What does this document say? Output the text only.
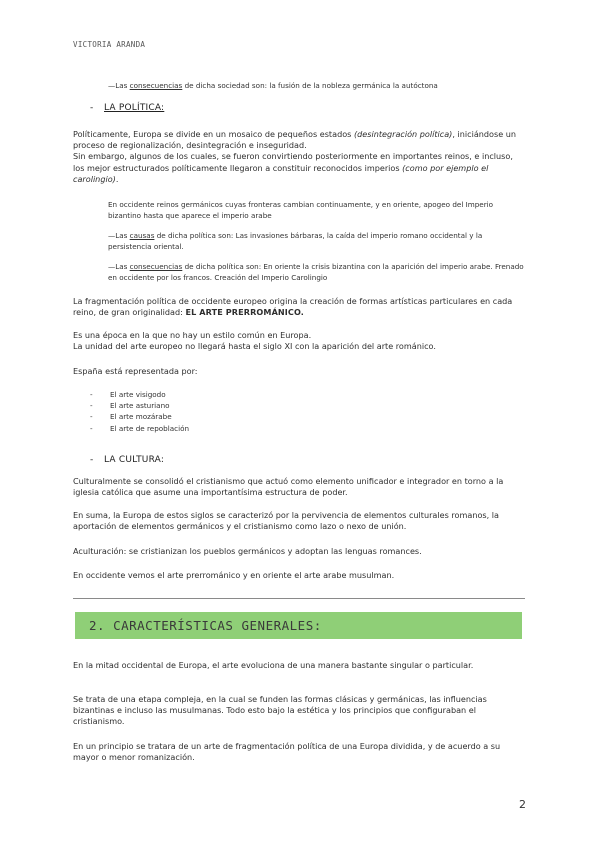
VICTORIA ARANDA
—Las consecuencias de dicha sociedad son: la fusión de la nobleza germánica la autóctona
- LA POLÍTICA:

Políticamente, Europa se divide en un mosaico de pequeños estados (desintegración política), iniciándose un proceso de regionalización, desintegración e inseguridad.

Sin embargo, algunos de los cuales, se fueron convirtiendo posteriormente en importantes reinos, e incluso, los mejor estructurados políticamente llegaron a constituir reconocidos imperios (como por ejemplo el carolingio).

En occidente reinos germánicos cuyas fronteras cambian continuamente, y en oriente, apogeo del Imperio bizantino hasta que aparece el imperio arabe
—Las causas de dicha política son: Las invasiones bárbaras, la caída del imperio romano occidental y la persistencia oriental.
—Las consecuencias de dicha política son: En oriente la crisis bizantina con la aparición del imperio arabe. Frenado en occidente por los francos. Creación del Imperio Carolingio

La fragmentación política de occidente europeo origina la creación de formas artísticas particulares en cada reino, de gran originalidad: EL ARTE PRERROMÁNICO.

Es una época en la que no hay un estilo común en Europa.

La unidad del arte europeo no llegará hasta el siglo XI con la aparición del arte románico.

España está representada por:
- El arte visigodo
- El arte asturiano
- El arte mozárabe
- El arte de repoblación
- LA CULTURA:
Culturalmente se consolidó el cristianismo que actuó como elemento unificador e integrador en torno a la iglesia católica que asume una importantísima estructura de poder.
En suma, la Europa de estos siglos se caracterizó por la pervivencia de elementos culturales romanos, la aportación de elementos germánicos y el cristianismo como lazo o nexo de unión.
Aculturación: se cristianizan los pueblos germánicos y adoptan las lenguas romances.
En occidente vemos el arte prerrománico y en oriente el arte arabe musulman.
2. CARACTERÍSTICAS GENERALES:
En la mitad occidental de Europa, el arte evoluciona de una manera bastante singular o particular.
Se trata de una etapa compleja, en la cual se funden las formas clásicas y germánicas, las influencias bizantinas e incluso las musulmanas. Todo esto bajo la estética y los principios que configuraban el cristianismo.
En un principio se tratara de un arte de fragmentación política de una Europa dividida, y de acuerdo a su mayor o menor romanización.
2
